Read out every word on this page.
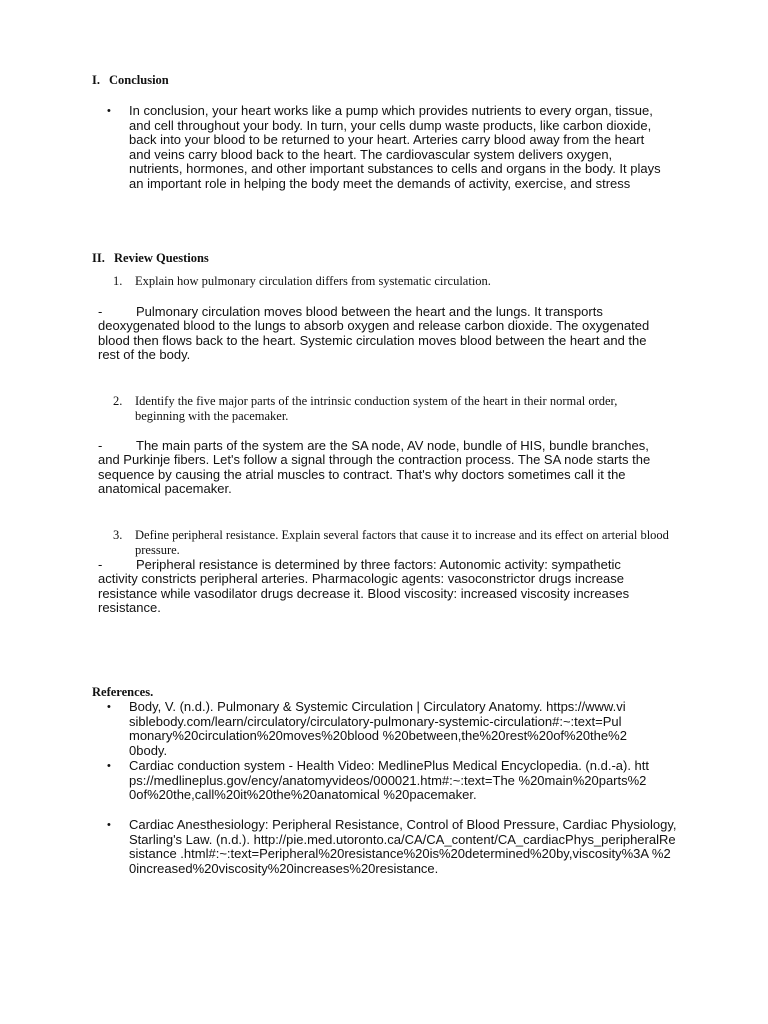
I. Conclusion
• In conclusion, your heart works like a pump which provides nutrients to every organ, tissue, and cell throughout your body. In turn, your cells dump waste products, like carbon dioxide, back into your blood to be returned to your heart. Arteries carry blood away from the heart and veins carry blood back to the heart. The cardiovascular system delivers oxygen, nutrients, hormones, and other important substances to cells and organs in the body. It plays an important role in helping the body meet the demands of activity, exercise, and stress
II. Review Questions
1. Explain how pulmonary circulation differs from systematic circulation.
-	Pulmonary circulation moves blood between the heart and the lungs. It transports deoxygenated blood to the lungs to absorb oxygen and release carbon dioxide. The oxygenated blood then flows back to the heart. Systemic circulation moves blood between the heart and the rest of the body.
2. Identify the five major parts of the intrinsic conduction system of the heart in their normal order, beginning with the pacemaker.
-	The main parts of the system are the SA node, AV node, bundle of HIS, bundle branches, and Purkinje fibers. Let's follow a signal through the contraction process. The SA node starts the sequence by causing the atrial muscles to contract. That's why doctors sometimes call it the anatomical pacemaker.
3. Define peripheral resistance. Explain several factors that cause it to increase and its effect on arterial blood pressure.
-	Peripheral resistance is determined by three factors: Autonomic activity: sympathetic activity constricts peripheral arteries. Pharmacologic agents: vasoconstrictor drugs increase resistance while vasodilator drugs decrease it. Blood viscosity: increased viscosity increases resistance.
References.
• Body, V. (n.d.). Pulmonary & Systemic Circulation | Circulatory Anatomy. https://www.visiblebody.com/learn/circulatory/circulatory-pulmonary-systemic-circulation#:~:text=Pulmonary%20circulation%20moves%20blood %20between,the%20rest%20of%20the%20body.
• Cardiac conduction system - Health Video: MedlinePlus Medical Encyclopedia. (n.d.-a). https://medlineplus.gov/ency/anatomyvideos/000021.htm#:~:text=The %20main%20parts%20of%20the,call%20it%20the%20anatomical %20pacemaker.
• Cardiac Anesthesiology: Peripheral Resistance, Control of Blood Pressure, Cardiac Physiology, Starling's Law. (n.d.). http://pie.med.utoronto.ca/CA/CA_content/CA_cardiacPhys_peripheralResistance .html#:~:text=Peripheral%20resistance%20is%20determined%20by,viscosity%3A %20increased%20viscosity%20increases%20resistance.
